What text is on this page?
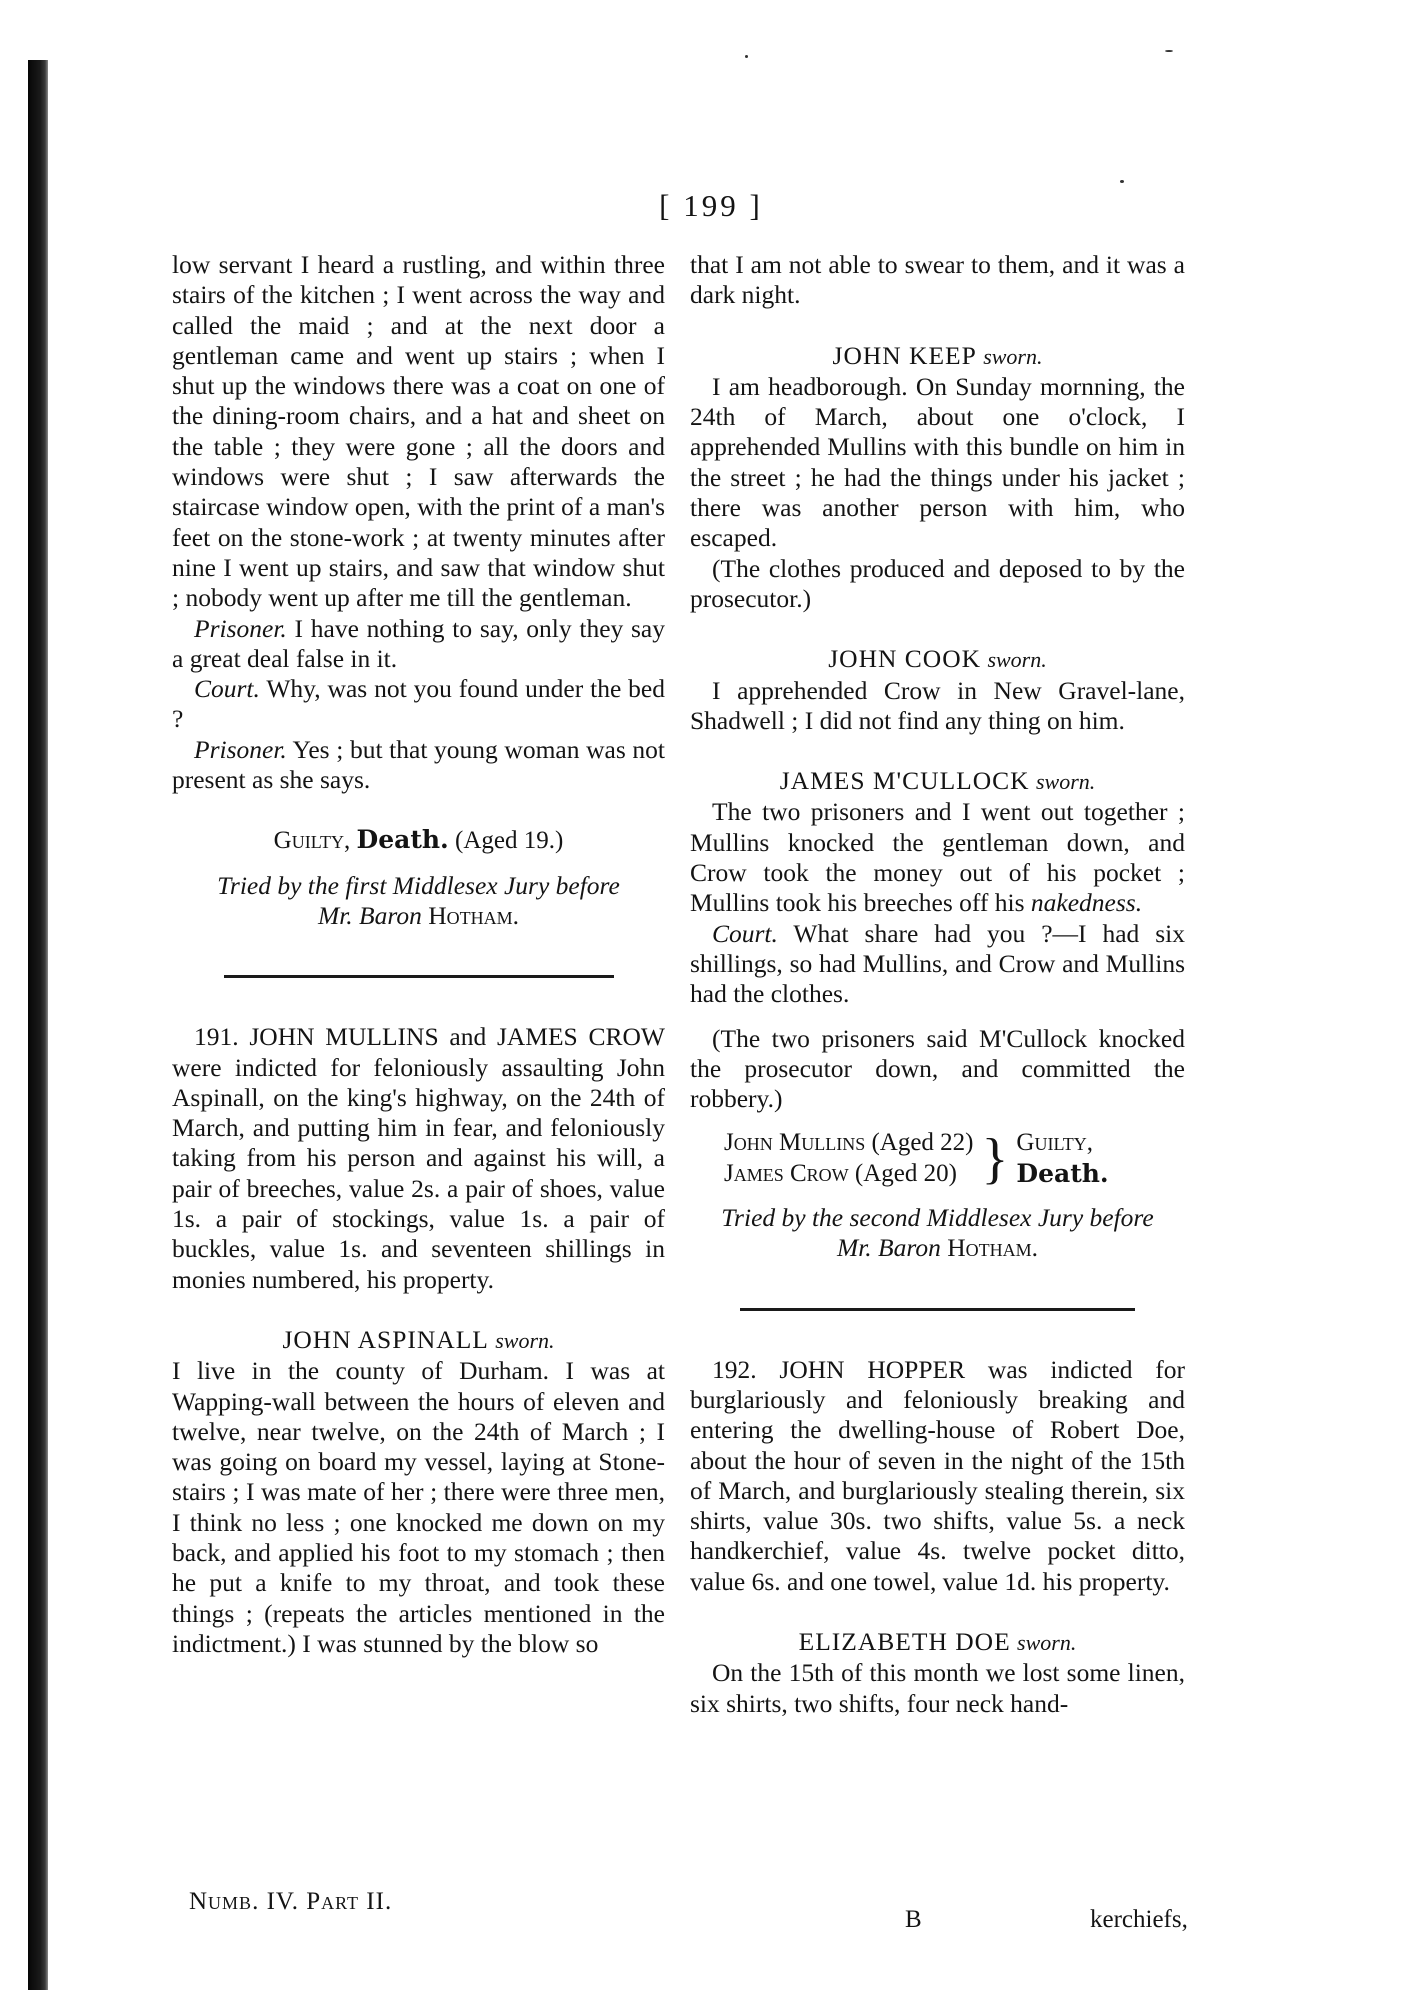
[ 199 ]

low servant I heard a rustling, and within three stairs of the kitchen ; I went across the way and called the maid ; and at the next door a gentleman came and went up stairs ; when I shut up the windows there was a coat on one of the dining-room chairs, and a hat and sheet on the table ; they were gone ; all the doors and windows were shut ; I saw afterwards the staircase window open, with the print of a man's feet on the stone-work ; at twenty minutes after nine I went up stairs, and saw that window shut ; nobody went up after me till the gentleman.

Prisoner. I have nothing to say, only they say a great deal false in it.

Court. Why, was not you found under the bed ?

Prisoner. Yes ; but that young woman was not present as she says.

Guilty, Death. (Aged 19.)

Tried by the first Middlesex Jury before
Mr. Baron Hotham.

191. JOHN MULLINS and JAMES CROW were indicted for feloniously assaulting John Aspinall, on the king's highway, on the 24th of March, and putting him in fear, and feloniously taking from his person and against his will, a pair of breeches, value 2s. a pair of shoes, value 1s. a pair of stockings, value 1s. a pair of buckles, value 1s. and seventeen shillings in monies numbered, his property.

JOHN ASPINALL sworn.

I live in the county of Durham. I was at Wapping-wall between the hours of eleven and twelve, near twelve, on the 24th of March ; I was going on board my vessel, laying at Stone-stairs ; I was mate of her ; there were three men, I think no less ; one knocked me down on my back, and applied his foot to my stomach ; then he put a knife to my throat, and took these things ; (repeats the articles mentioned in the indictment.) I was stunned by the blow so

Numb. IV. Part II.

that I am not able to swear to them, and it was a dark night.

JOHN KEEP sworn.

I am headborough. On Sunday mornning, the 24th of March, about one o'clock, I apprehended Mullins with this bundle on him in the street ; he had the things under his jacket ; there was another person with him, who escaped.

(The clothes produced and deposed to by the prosecutor.)

JOHN COOK sworn.

I apprehended Crow in New Gravel-lane, Shadwell ; I did not find any thing on him.

JAMES M'CULLOCK sworn.

The two prisoners and I went out together ; Mullins knocked the gentleman down, and Crow took the money out of his pocket ; Mullins took his breeches off his nakedness.

Court. What share had you ?—I had six shillings, so had Mullins, and Crow and Mullins had the clothes.

(The two prisoners said M'Cullock knocked the prosecutor down, and committed the robbery.)

John Mullins (Aged 22)	}	Guilty,
James Crow (Aged 20)		Death.

Tried by the second Middlesex Jury before
Mr. Baron Hotham.

192. JOHN HOPPER was indicted for burglariously and feloniously breaking and entering the dwelling-house of Robert Doe, about the hour of seven in the night of the 15th of March, and burglariously stealing therein, six shirts, value 30s. two shifts, value 5s. a neck handkerchief, value 4s. twelve pocket ditto, value 6s. and one towel, value 1d. his property.

ELIZABETH DOE sworn.

On the 15th of this month we lost some linen, six shirts, two shifts, four neck hand-

B	kerchiefs,
